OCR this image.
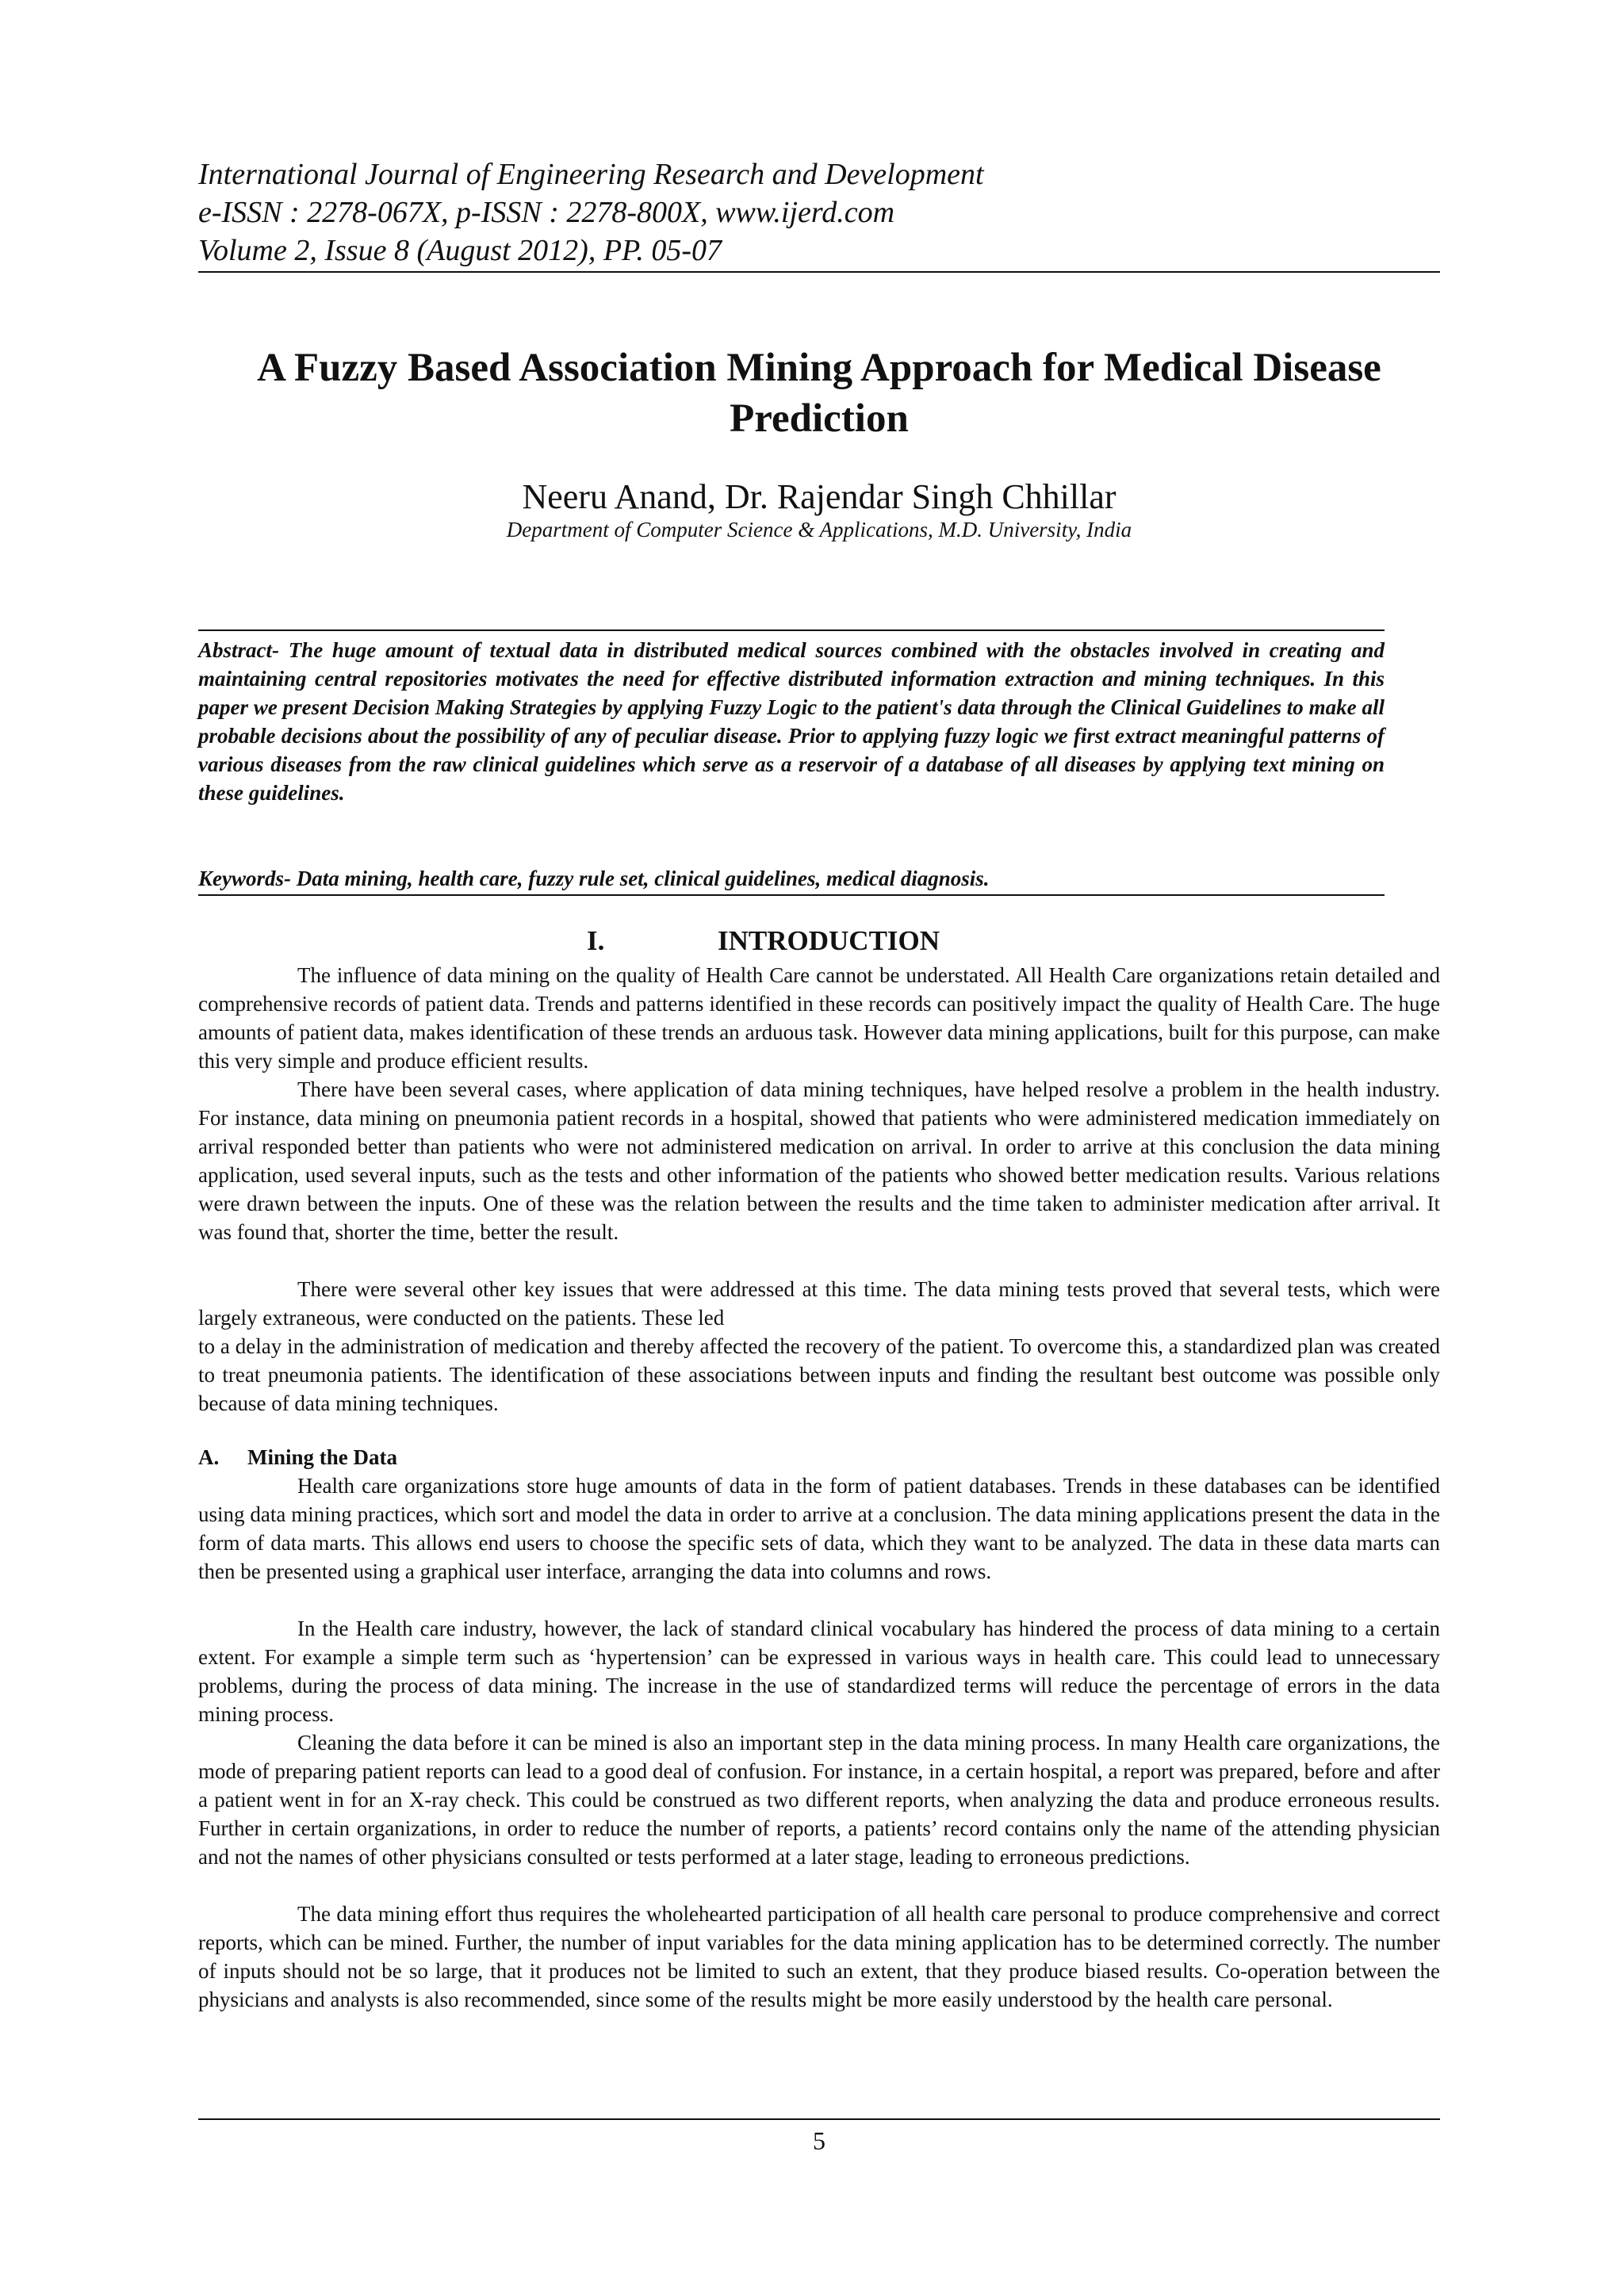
International Journal of Engineering Research and Development
e-ISSN : 2278-067X, p-ISSN : 2278-800X, www.ijerd.com
Volume 2, Issue 8 (August 2012), PP. 05-07
A Fuzzy Based Association Mining Approach for Medical Disease Prediction
Neeru Anand, Dr. Rajendar Singh Chhillar
Department of Computer Science & Applications, M.D. University, India

Abstract- The huge amount of textual data in distributed medical sources combined with the obstacles involved in creating and maintaining central repositories motivates the need for effective distributed information extraction and mining techniques. In this paper we present Decision Making Strategies by applying Fuzzy Logic to the patient's data through the Clinical Guidelines to make all probable decisions about the possibility of any of peculiar disease. Prior to applying fuzzy logic we first extract meaningful patterns of various diseases from the raw clinical guidelines which serve as a reservoir of a database of all diseases by applying text mining on these guidelines.

Keywords- Data mining, health care, fuzzy rule set, clinical guidelines, medical diagnosis.

I.	INTRODUCTION

The influence of data mining on the quality of Health Care cannot be understated. All Health Care organizations retain detailed and comprehensive records of patient data. Trends and patterns identified in these records can positively impact the quality of Health Care. The huge amounts of patient data, makes identification of these trends an arduous task. However data mining applications, built for this purpose, can make this very simple and produce efficient results.

There have been several cases, where application of data mining techniques, have helped resolve a problem in the health industry. For instance, data mining on pneumonia patient records in a hospital, showed that patients who were administered medication immediately on arrival responded better than patients who were not administered medication on arrival. In order to arrive at this conclusion the data mining application, used several inputs, such as the tests and other information of the patients who showed better medication results. Various relations were drawn between the inputs. One of these was the relation between the results and the time taken to administer medication after arrival. It was found that, shorter the time, better the result.

There were several other key issues that were addressed at this time. The data mining tests proved that several tests, which were largely extraneous, were conducted on the patients. These led

to a delay in the administration of medication and thereby affected the recovery of the patient. To overcome this, a standardized plan was created to treat pneumonia patients. The identification of these associations between inputs and finding the resultant best outcome was possible only because of data mining techniques.

A. Mining the Data

Health care organizations store huge amounts of data in the form of patient databases. Trends in these databases can be identified using data mining practices, which sort and model the data in order to arrive at a conclusion. The data mining applications present the data in the form of data marts. This allows end users to choose the specific sets of data, which they want to be analyzed. The data in these data marts can then be presented using a graphical user interface, arranging the data into columns and rows.

In the Health care industry, however, the lack of standard clinical vocabulary has hindered the process of data mining to a certain extent. For example a simple term such as ‘hypertension’ can be expressed in various ways in health care. This could lead to unnecessary problems, during the process of data mining. The increase in the use of standardized terms will reduce the percentage of errors in the data mining process.

Cleaning the data before it can be mined is also an important step in the data mining process. In many Health care organizations, the mode of preparing patient reports can lead to a good deal of confusion. For instance, in a certain hospital, a report was prepared, before and after a patient went in for an X-ray check. This could be construed as two different reports, when analyzing the data and produce erroneous results. Further in certain organizations, in order to reduce the number of reports, a patients’ record contains only the name of the attending physician and not the names of other physicians consulted or tests performed at a later stage, leading to erroneous predictions.

The data mining effort thus requires the wholehearted participation of all health care personal to produce comprehensive and correct reports, which can be mined. Further, the number of input variables for the data mining application has to be determined correctly. The number of inputs should not be so large, that it produces not be limited to such an extent, that they produce biased results. Co-operation between the physicians and analysts is also recommended, since some of the results might be more easily understood by the health care personal.

5
